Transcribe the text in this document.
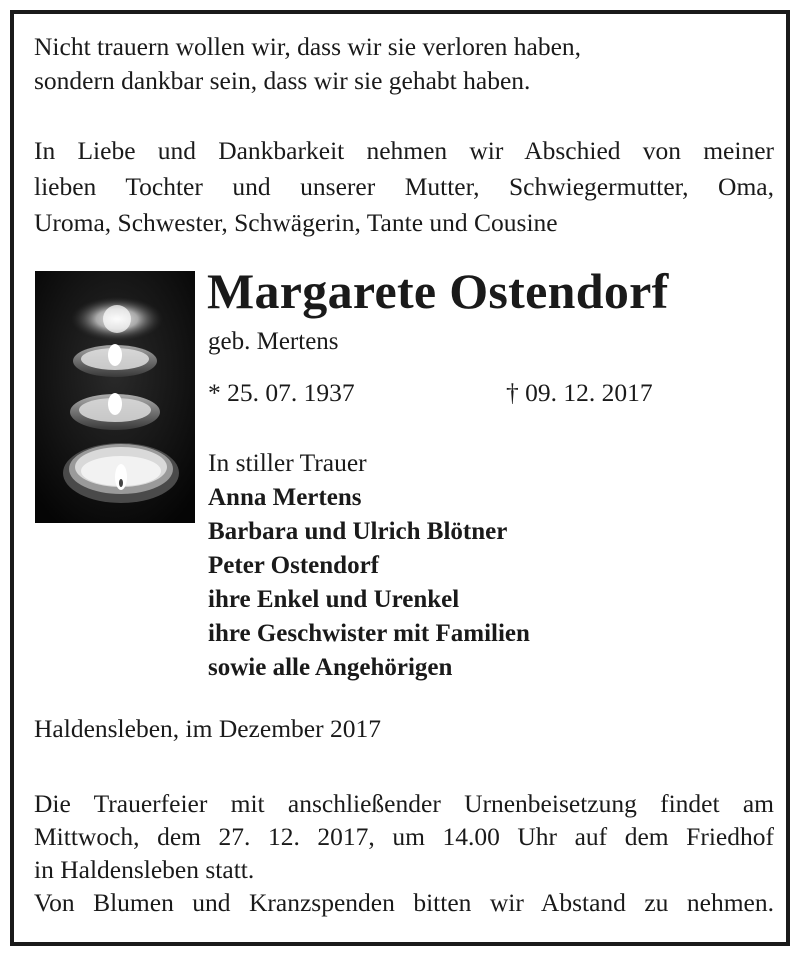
Nicht trauern wollen wir, dass wir sie verloren haben,
sondern dankbar sein, dass wir sie gehabt haben.
In Liebe und Dankbarkeit nehmen wir Abschied von meiner
lieben Tochter und unserer Mutter, Schwiegermutter, Oma,
Uroma, Schwester, Schwägerin, Tante und Cousine
Margarete Ostendorf
geb. Mertens
* 25. 07. 1937	† 09. 12. 2017
In stiller Trauer
Anna Mertens
Barbara und Ulrich Blötner
Peter Ostendorf
ihre Enkel und Urenkel
ihre Geschwister mit Familien
sowie alle Angehörigen
Haldensleben, im Dezember 2017
Die Trauerfeier mit anschließender Urnenbeisetzung findet am
Mittwoch, dem 27. 12. 2017, um 14.00 Uhr auf dem Friedhof
in Haldensleben statt.
Von Blumen und Kranzspenden bitten wir Abstand zu nehmen.
